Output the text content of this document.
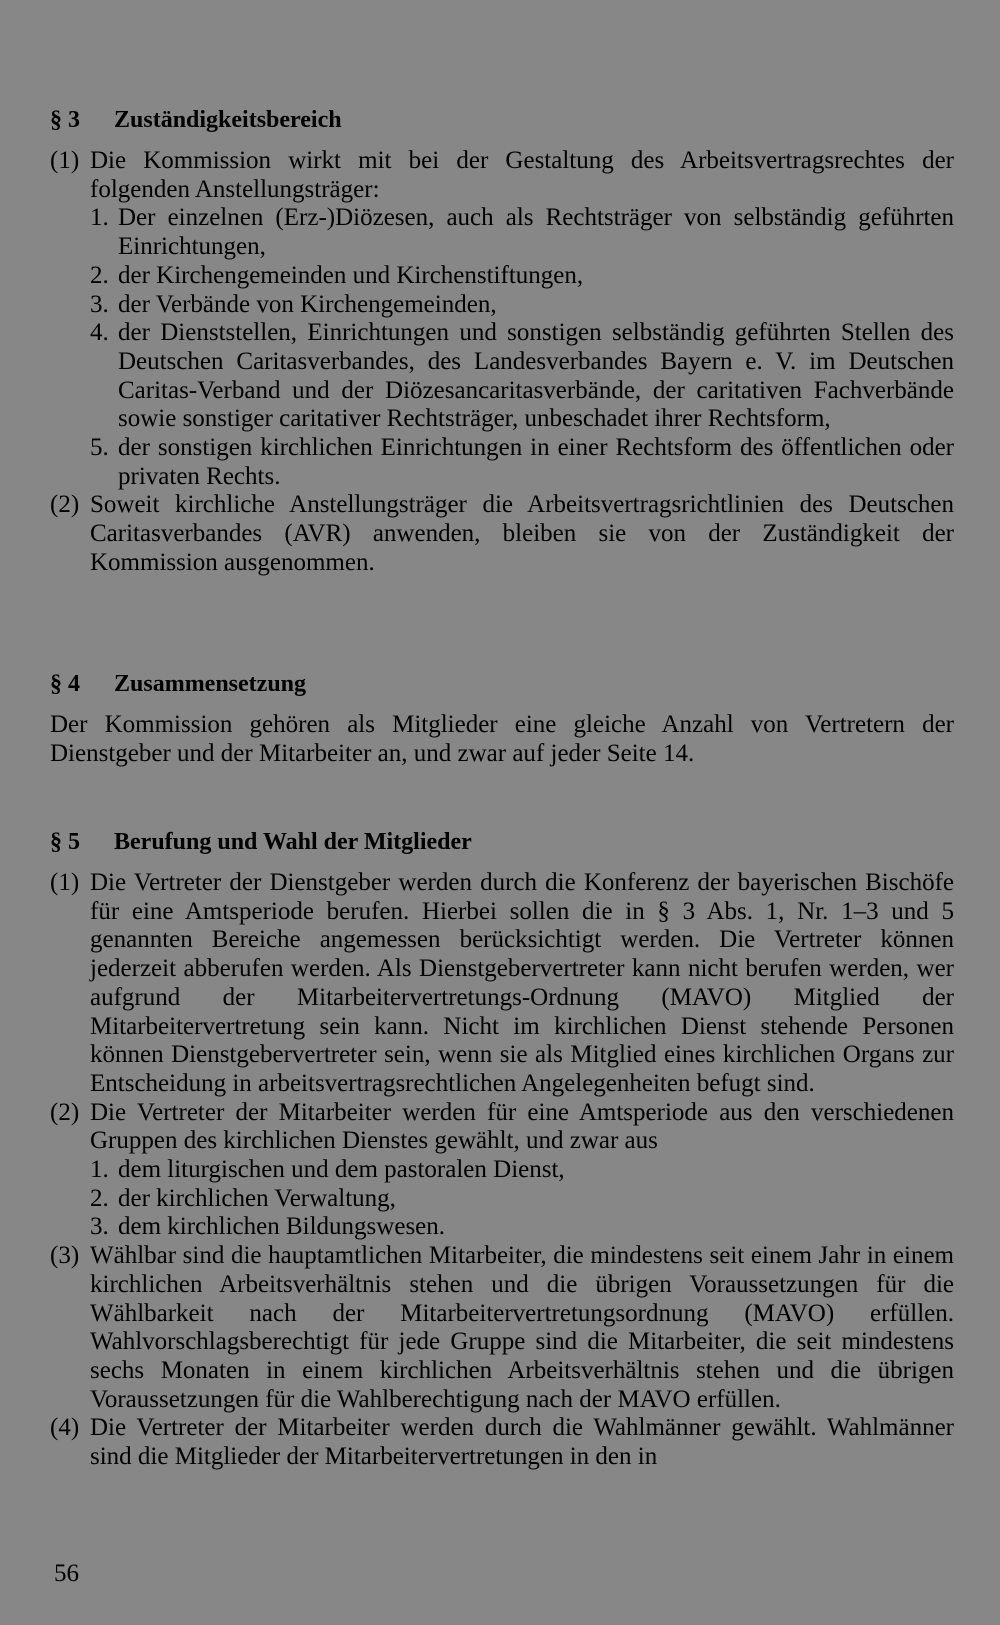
§ 3	Zuständigkeitsbereich
(1) Die Kommission wirkt mit bei der Gestaltung des Arbeitsvertragsrechtes der folgenden Anstellungsträger:
1. Der einzelnen (Erz-)Diözesen, auch als Rechtsträger von selbständig geführten Einrichtungen,
2. der Kirchengemeinden und Kirchenstiftungen,
3. der Verbände von Kirchengemeinden,
4. der Dienststellen, Einrichtungen und sonstigen selbständig geführten Stellen des Deutschen Caritasverbandes, des Landesverbandes Bayern e. V. im Deutschen Caritas-Verband und der Diözesancaritasverbände, der caritativen Fachverbände sowie sonstiger caritativer Rechtsträger, unbeschadet ihrer Rechtsform,
5. der sonstigen kirchlichen Einrichtungen in einer Rechtsform des öffentlichen oder privaten Rechts.
(2) Soweit kirchliche Anstellungsträger die Arbeitsvertragsrichtlinien des Deutschen Caritasverbandes (AVR) anwenden, bleiben sie von der Zuständigkeit der Kommission ausgenommen.
§ 4	Zusammensetzung
Der Kommission gehören als Mitglieder eine gleiche Anzahl von Vertretern der Dienstgeber und der Mitarbeiter an, und zwar auf jeder Seite 14.
§ 5	Berufung und Wahl der Mitglieder
(1) Die Vertreter der Dienstgeber werden durch die Konferenz der bayerischen Bischöfe für eine Amtsperiode berufen. Hierbei sollen die in § 3 Abs. 1, Nr. 1–3 und 5 genannten Bereiche angemessen berücksichtigt werden. Die Vertreter können jederzeit abberufen werden. Als Dienstgebervertreter kann nicht berufen werden, wer aufgrund der Mitarbeitervertretungs-Ordnung (MAVO) Mitglied der Mitarbeitervertretung sein kann. Nicht im kirchlichen Dienst stehende Personen können Dienstgebervertreter sein, wenn sie als Mitglied eines kirchlichen Organs zur Entscheidung in arbeitsvertragsrechtlichen Angelegenheiten befugt sind.
(2) Die Vertreter der Mitarbeiter werden für eine Amtsperiode aus den verschiedenen Gruppen des kirchlichen Dienstes gewählt, und zwar aus
1. dem liturgischen und dem pastoralen Dienst,
2. der kirchlichen Verwaltung,
3. dem kirchlichen Bildungswesen.
(3) Wählbar sind die hauptamtlichen Mitarbeiter, die mindestens seit einem Jahr in einem kirchlichen Arbeitsverhältnis stehen und die übrigen Voraussetzungen für die Wählbarkeit nach der Mitarbeitervertretungsordnung (MAVO) erfüllen. Wahlvorschlagsberechtigt für jede Gruppe sind die Mitarbeiter, die seit mindestens sechs Monaten in einem kirchlichen Arbeitsverhältnis stehen und die übrigen Voraussetzungen für die Wahlberechtigung nach der MAVO erfüllen.
(4) Die Vertreter der Mitarbeiter werden durch die Wahlmänner gewählt. Wahlmänner sind die Mitglieder der Mitarbeitervertretungen in den in
56
